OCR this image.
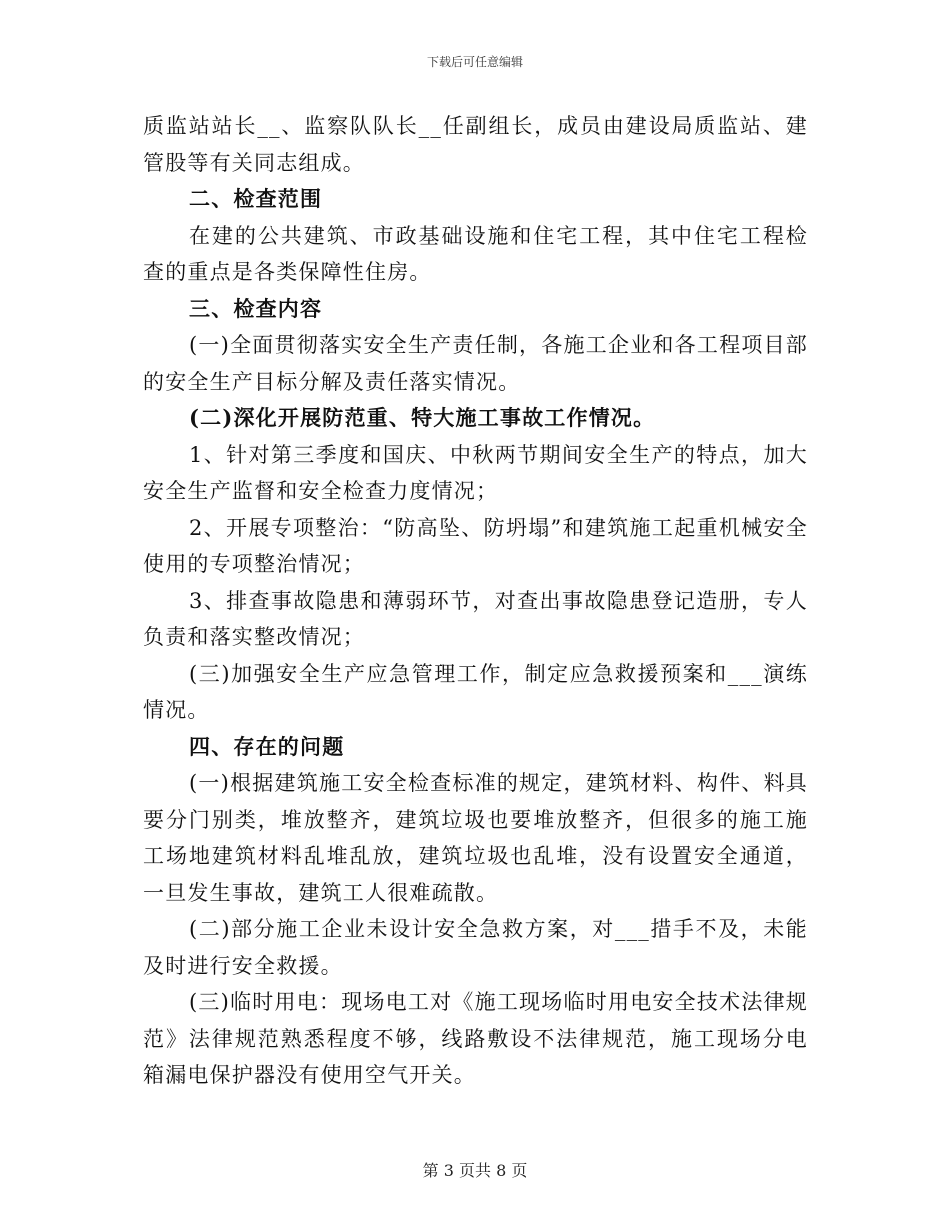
下载后可任意编辑

质监站站长__、监察队队长__任副组长，成员由建设局质监站、建管股等有关同志组成。

二、检查范围

在建的公共建筑、市政基础设施和住宅工程，其中住宅工程检查的重点是各类保障性住房。

三、检查内容

(一)全面贯彻落实安全生产责任制，各施工企业和各工程项目部的安全生产目标分解及责任落实情况。

(二)深化开展防范重、特大施工事故工作情况。

1、针对第三季度和国庆、中秋两节期间安全生产的特点，加大安全生产监督和安全检查力度情况；

2、开展专项整治：“防高坠、防坍塌”和建筑施工起重机械安全使用的专项整治情况；

3、排查事故隐患和薄弱环节，对查出事故隐患登记造册，专人负责和落实整改情况；

(三)加强安全生产应急管理工作，制定应急救援预案和___演练情况。

四、存在的问题

(一)根据建筑施工安全检查标准的规定，建筑材料、构件、料具要分门别类，堆放整齐，建筑垃圾也要堆放整齐，但很多的施工施工场地建筑材料乱堆乱放，建筑垃圾也乱堆，没有设置安全通道，一旦发生事故，建筑工人很难疏散。

(二)部分施工企业未设计安全急救方案，对___措手不及，未能及时进行安全救援。

(三)临时用电：现场电工对《施工现场临时用电安全技术法律规范》法律规范熟悉程度不够，线路敷设不法律规范，施工现场分电箱漏电保护器没有使用空气开关。

第 3 页共 8 页
